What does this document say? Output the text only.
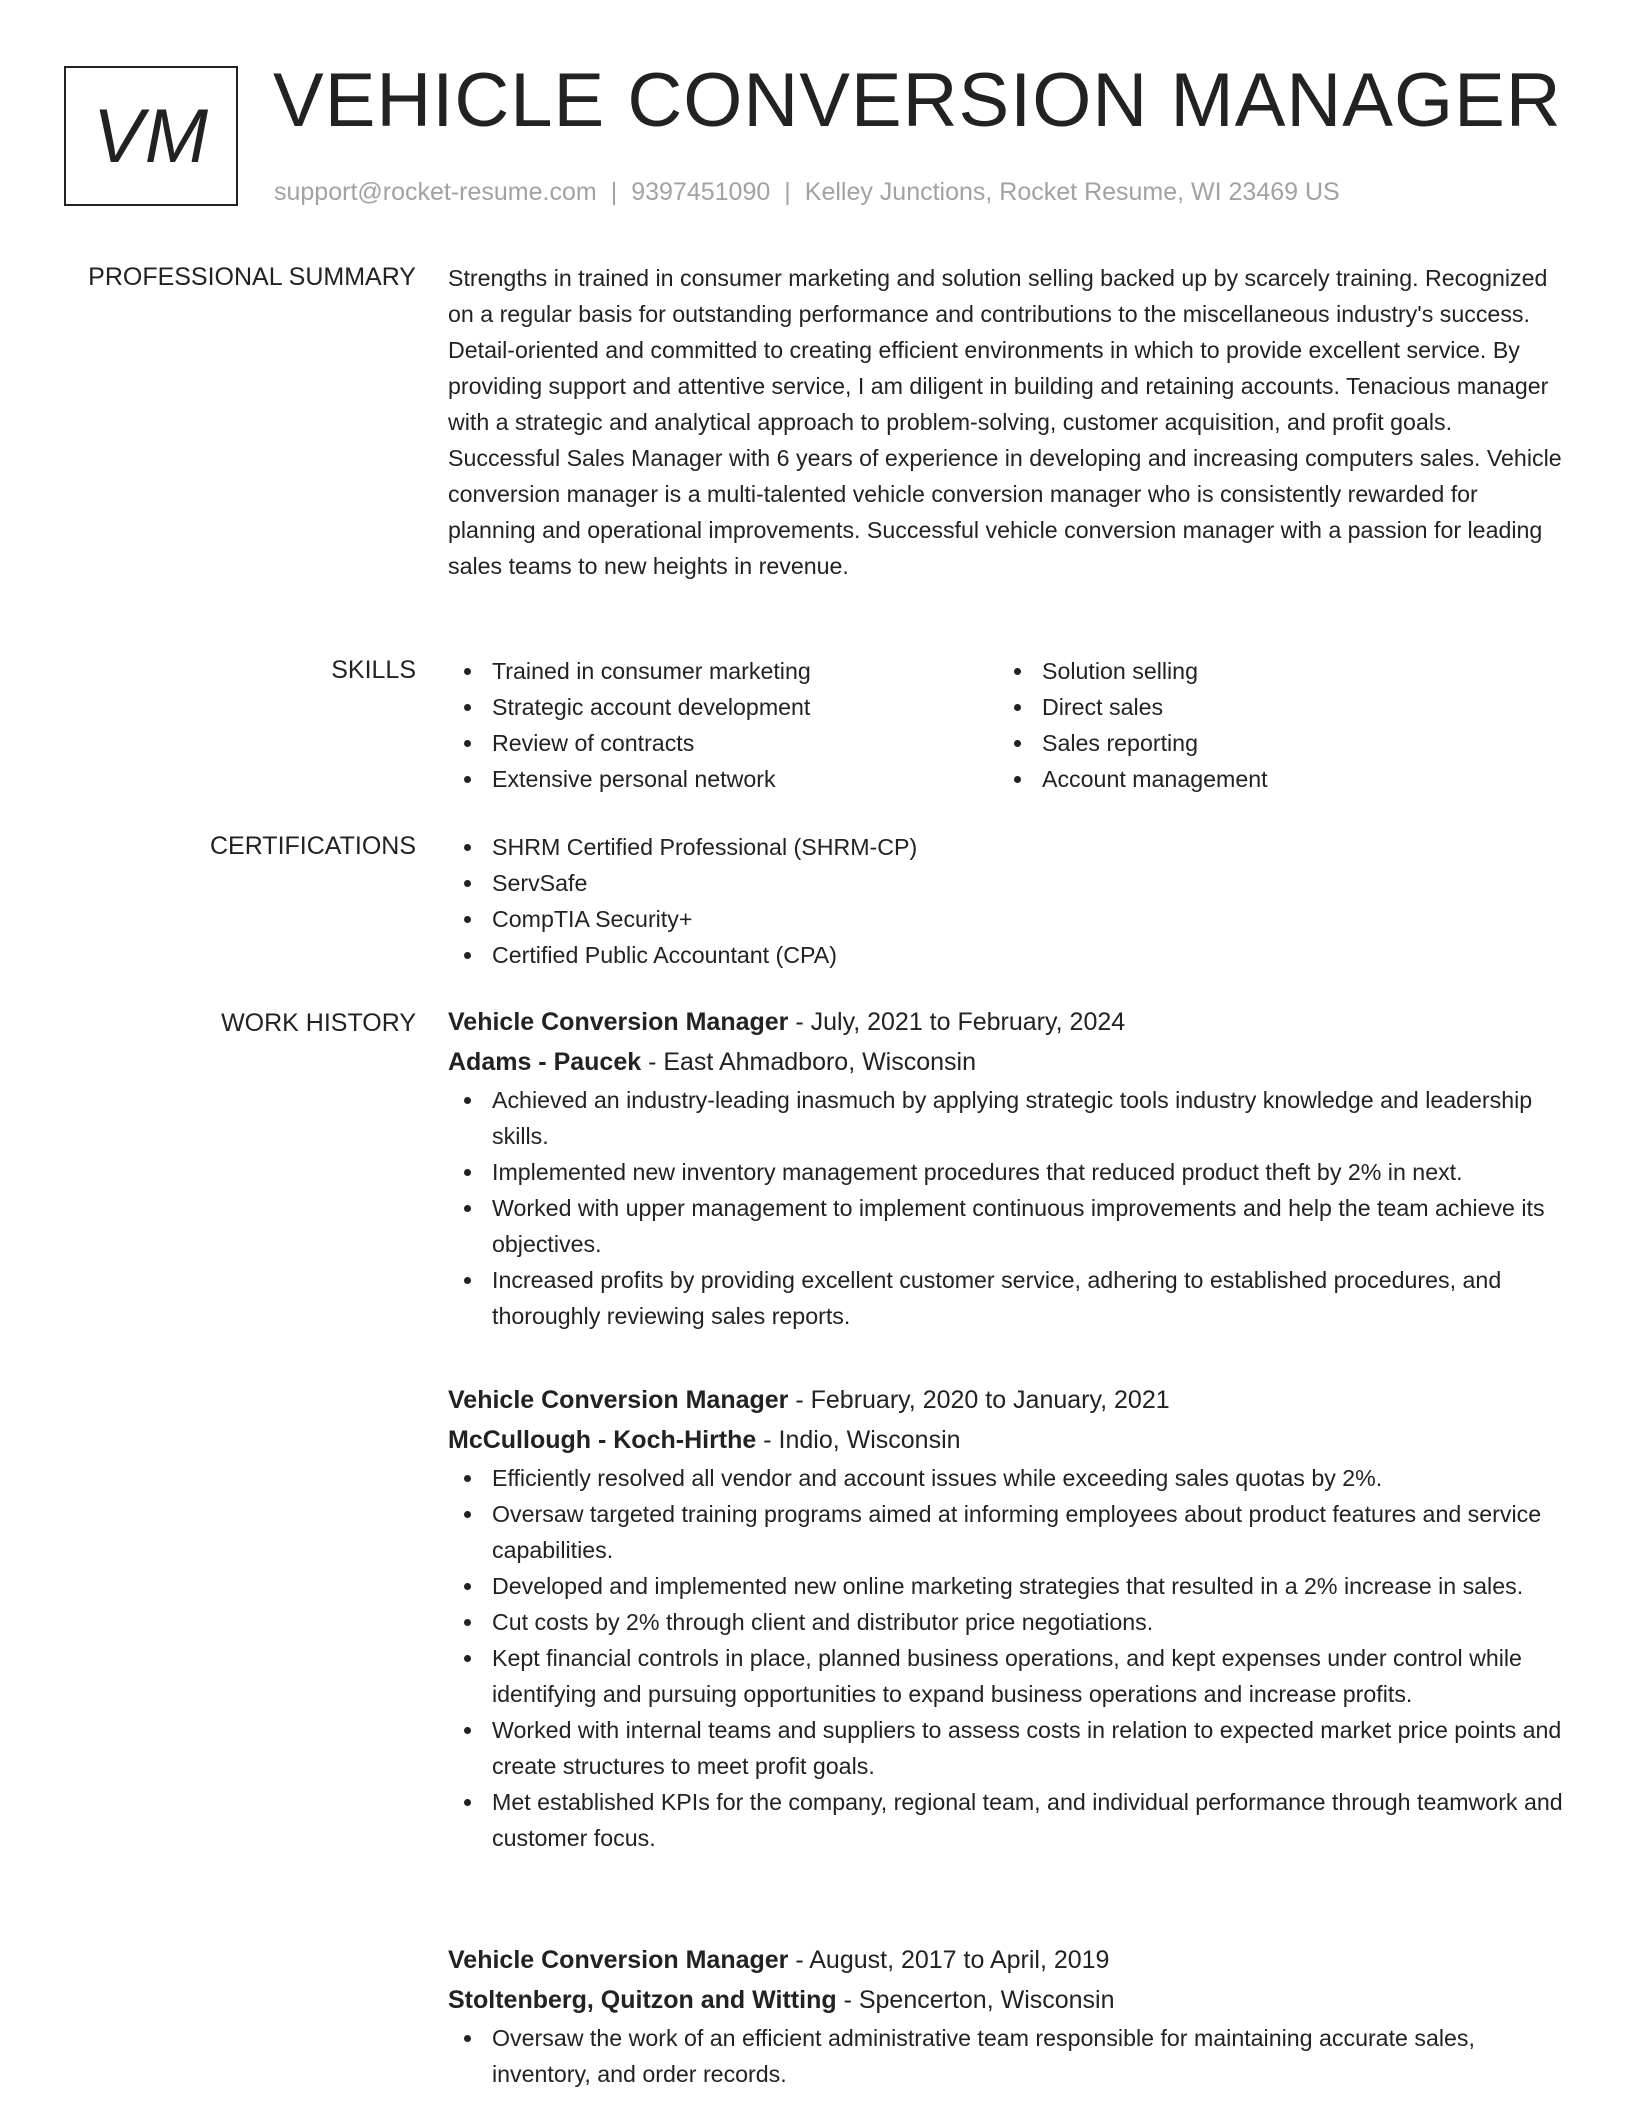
VM VEHICLE CONVERSION MANAGER
support@rocket-resume.com | 9397451090 | Kelley Junctions, Rocket Resume, WI 23469 US
PROFESSIONAL SUMMARY Strengths in trained in consumer marketing and solution selling backed up by scarcely training. Recognized on a regular basis for outstanding performance and contributions to the miscellaneous industry's success. Detail-oriented and committed to creating efficient environments in which to provide excellent service. By providing support and attentive service, I am diligent in building and retaining accounts. Tenacious manager with a strategic and analytical approach to problem-solving, customer acquisition, and profit goals. Successful Sales Manager with 6 years of experience in developing and increasing computers sales. Vehicle conversion manager is a multi-talented vehicle conversion manager who is consistently rewarded for planning and operational improvements. Successful vehicle conversion manager with a passion for leading sales teams to new heights in revenue.

SKILLS	Trained in consumer marketing
Strategic account development
Review of contracts
Extensive personal network
Solution selling
Direct sales
Sales reporting
Account management
CERTIFICATIONS	SHRM Certified Professional (SHRM-CP)
ServSafe
CompTIA Security+
Certified Public Accountant (CPA)
WORK HISTORY Vehicle Conversion Manager - July, 2021 to February, 2024
Adams - Paucek - East Ahmadboro, Wisconsin
Achieved an industry-leading inasmuch by applying strategic tools industry knowledge and leadership skills.
Implemented new inventory management procedures that reduced product theft by 2% in next.
Worked with upper management to implement continuous improvements and help the team achieve its objectives.
Increased profits by providing excellent customer service, adhering to established procedures, and thoroughly reviewing sales reports.
Vehicle Conversion Manager - February, 2020 to January, 2021
McCullough - Koch-Hirthe - Indio, Wisconsin
Efficiently resolved all vendor and account issues while exceeding sales quotas by 2%.
Oversaw targeted training programs aimed at informing employees about product features and service capabilities.
Developed and implemented new online marketing strategies that resulted in a 2% increase in sales.
Cut costs by 2% through client and distributor price negotiations.
Kept financial controls in place, planned business operations, and kept expenses under control while identifying and pursuing opportunities to expand business operations and increase profits.
Worked with internal teams and suppliers to assess costs in relation to expected market price points and create structures to meet profit goals.
Met established KPIs for the company, regional team, and individual performance through teamwork and customer focus.
Vehicle Conversion Manager - August, 2017 to April, 2019
Stoltenberg, Quitzon and Witting - Spencerton, Wisconsin
Oversaw the work of an efficient administrative team responsible for maintaining accurate sales, inventory, and order records.
